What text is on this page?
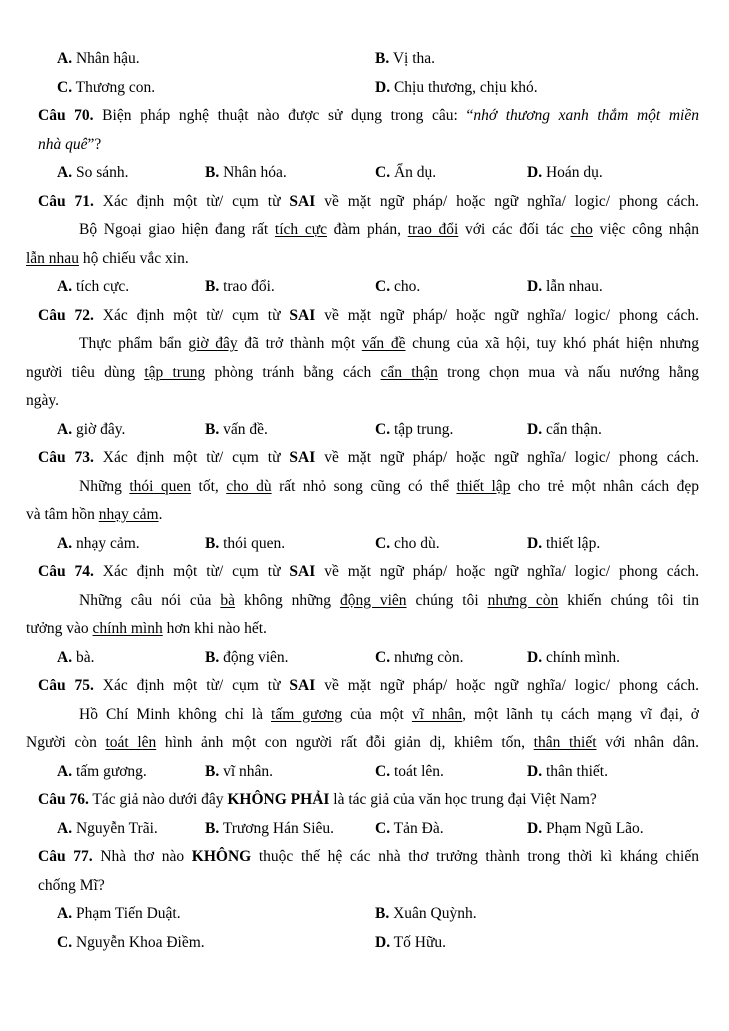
A. Nhân hậu.	B. Vị tha.
C. Thương con.	D. Chịu thương, chịu khó.
Câu 70. Biện pháp nghệ thuật nào được sử dụng trong câu: “nhớ thương xanh thắm một miền
nhà quê”?
A. So sánh.	B. Nhân hóa.	C. Ẩn dụ.	D. Hoán dụ.
Câu 71. Xác định một từ/ cụm từ SAI về mặt ngữ pháp/ hoặc ngữ nghĩa/ logic/ phong cách.
Bộ Ngoại giao hiện đang rất tích cực đàm phán, trao đổi với các đối tác cho việc công nhận
lẫn nhau hộ chiếu vắc xin.
A. tích cực.	B. trao đổi.	C. cho.	D. lẫn nhau.
Câu 72. Xác định một từ/ cụm từ SAI về mặt ngữ pháp/ hoặc ngữ nghĩa/ logic/ phong cách.
Thực phẩm bẩn giờ đây đã trở thành một vấn đề chung của xã hội, tuy khó phát hiện nhưng
người tiêu dùng tập trung phòng tránh bằng cách cẩn thận trong chọn mua và nấu nướng hằng
ngày.
A. giờ đây.	B. vấn đề.	C. tập trung.	D. cẩn thận.
Câu 73. Xác định một từ/ cụm từ SAI về mặt ngữ pháp/ hoặc ngữ nghĩa/ logic/ phong cách.
Những thói quen tốt, cho dù rất nhỏ song cũng có thể thiết lập cho trẻ một nhân cách đẹp
và tâm hồn nhạy cảm.
A. nhạy cảm.	B. thói quen.	C. cho dù.	D. thiết lập.
Câu 74. Xác định một từ/ cụm từ SAI về mặt ngữ pháp/ hoặc ngữ nghĩa/ logic/ phong cách.
Những câu nói của bà không những động viên chúng tôi nhưng còn khiến chúng tôi tin
tưởng vào chính mình hơn khi nào hết.
A. bà.	B. động viên.	C. nhưng còn.	D. chính mình.
Câu 75. Xác định một từ/ cụm từ SAI về mặt ngữ pháp/ hoặc ngữ nghĩa/ logic/ phong cách.
Hồ Chí Minh không chỉ là tấm gương của một vĩ nhân, một lãnh tụ cách mạng vĩ đại, ở
Người còn toát lên hình ảnh một con người rất đỗi giản dị, khiêm tốn, thân thiết với nhân dân.
A. tấm gương.	B. vĩ nhân.	C. toát lên.	D. thân thiết.
Câu 76. Tác giả nào dưới đây KHÔNG PHẢI là tác giả của văn học trung đại Việt Nam?
A. Nguyễn Trãi.	B. Trương Hán Siêu.	C. Tản Đà.	D. Phạm Ngũ Lão.
Câu 77. Nhà thơ nào KHÔNG thuộc thế hệ các nhà thơ trưởng thành trong thời kì kháng chiến
chống Mĩ?
A. Phạm Tiến Duật.	B. Xuân Quỳnh.
C. Nguyễn Khoa Điềm.	D. Tố Hữu.
